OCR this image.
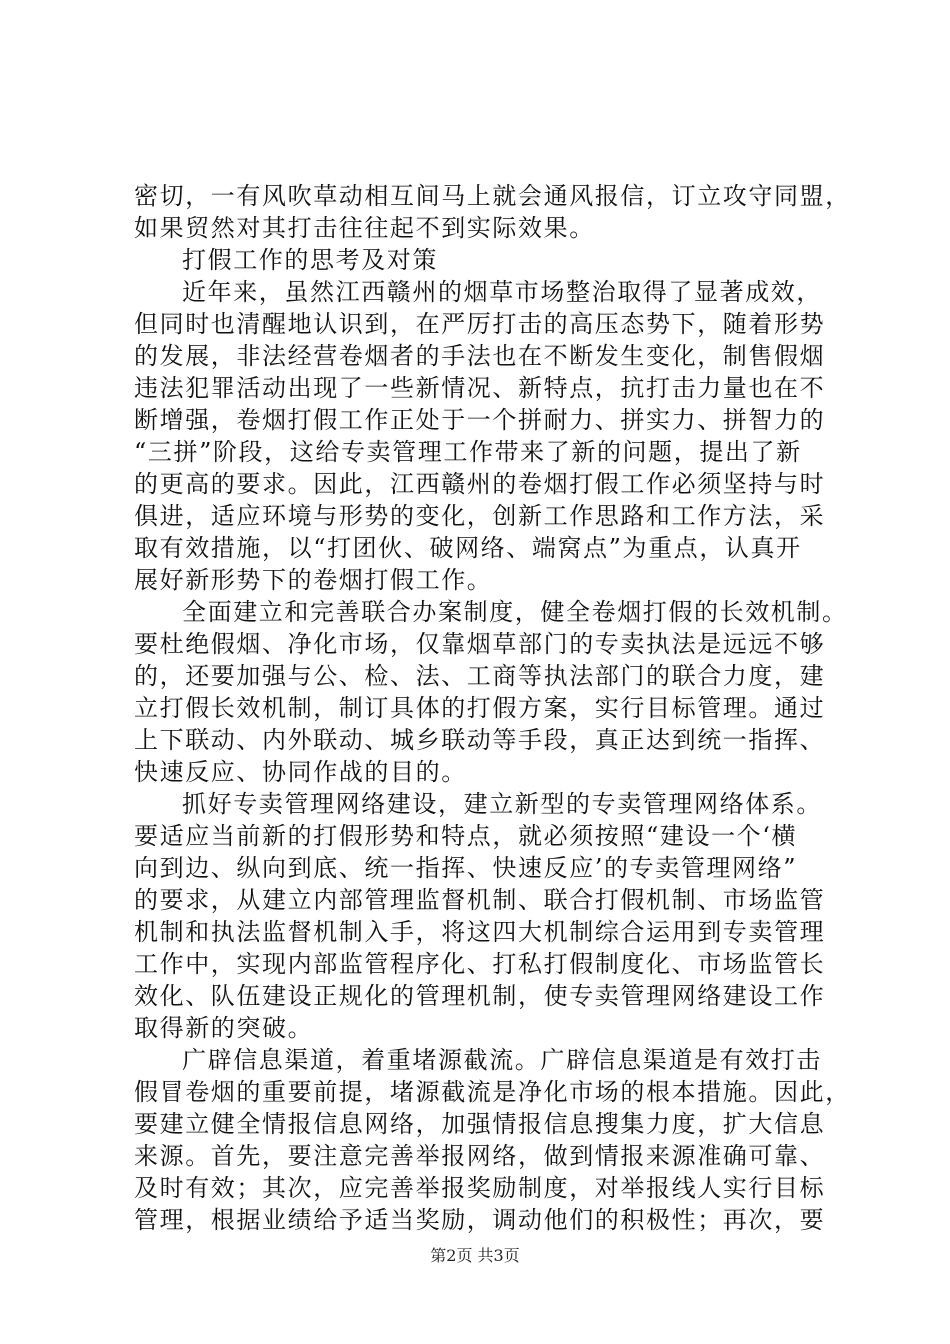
密切，一有风吹草动相互间马上就会通风报信，订立攻守同盟，
如果贸然对其打击往往起不到实际效果。
打假工作的思考及对策
近年来，虽然江西赣州的烟草市场整治取得了显著成效，
但同时也清醒地认识到，在严厉打击的高压态势下，随着形势
的发展，非法经营卷烟者的手法也在不断发生变化，制售假烟
违法犯罪活动出现了一些新情况、新特点，抗打击力量也在不
断增强，卷烟打假工作正处于一个拼耐力、拼实力、拼智力的
“三拼”阶段，这给专卖管理工作带来了新的问题，提出了新
的更高的要求。因此，江西赣州的卷烟打假工作必须坚持与时
俱进，适应环境与形势的变化，创新工作思路和工作方法，采
取有效措施，以“打团伙、破网络、端窝点”为重点，认真开
展好新形势下的卷烟打假工作。
全面建立和完善联合办案制度，健全卷烟打假的长效机制。
要杜绝假烟、净化市场，仅靠烟草部门的专卖执法是远远不够
的，还要加强与公、检、法、工商等执法部门的联合力度，建
立打假长效机制，制订具体的打假方案，实行目标管理。通过
上下联动、内外联动、城乡联动等手段，真正达到统一指挥、
快速反应、协同作战的目的。
抓好专卖管理网络建设，建立新型的专卖管理网络体系。
要适应当前新的打假形势和特点，就必须按照“建设一个‘横
向到边、纵向到底、统一指挥、快速反应’的专卖管理网络”
的要求，从建立内部管理监督机制、联合打假机制、市场监管
机制和执法监督机制入手，将这四大机制综合运用到专卖管理
工作中，实现内部监管程序化、打私打假制度化、市场监管长
效化、队伍建设正规化的管理机制，使专卖管理网络建设工作
取得新的突破。
广辟信息渠道，着重堵源截流。广辟信息渠道是有效打击
假冒卷烟的重要前提，堵源截流是净化市场的根本措施。因此，
要建立健全情报信息网络，加强情报信息搜集力度，扩大信息
来源。首先，要注意完善举报网络，做到情报来源准确可靠、
及时有效；其次，应完善举报奖励制度，对举报线人实行目标
管理，根据业绩给予适当奖励，调动他们的积极性；再次，要
第2页 共3页
